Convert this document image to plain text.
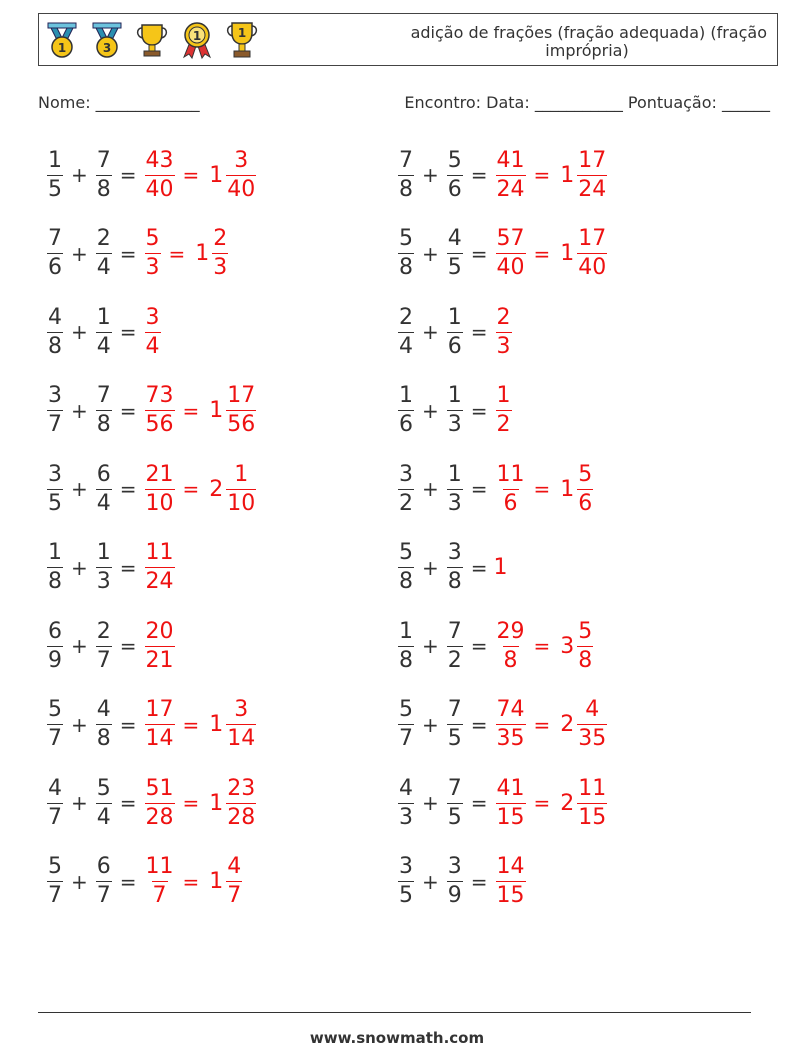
1	3
1	1	adição de frações (fração adequada) (fração
imprópria)
Nome: _____________	Encontro: Data: ___________ Pontuação: ______
$\frac{1}{5} + \frac{7}{8} = \frac{43}{40} = 1 \frac{3}{40}$
$\frac{7}{6} + \frac{2}{4} = \frac{5}{3} = 1 \frac{2}{3}$
$\frac{4}{8} + \frac{1}{4} = \frac{3}{4}$
$\frac{3}{7} + \frac{7}{8} = \frac{73}{56} = 1 \frac{17}{56}$
$\frac{3}{5} + \frac{6}{4} = \frac{21}{10} = 2 \frac{1}{10}$
$\frac{1}{8} + \frac{1}{3} = \frac{11}{24}$
$\frac{6}{9} + \frac{2}{7} = \frac{20}{21}$
$\frac{5}{7} + \frac{4}{8} = \frac{17}{14} = 1 \frac{3}{14}$
$\frac{4}{7} + \frac{5}{4} = \frac{51}{28} = 1 \frac{23}{28}$
$\frac{5}{7} + \frac{6}{7} = \frac{11}{7} = 1 \frac{4}{7}$
$\frac{7}{8} + \frac{5}{6} = \frac{41}{24} = 1 \frac{17}{24}$
$\frac{5}{8} + \frac{4}{5} = \frac{57}{40} = 1 \frac{17}{40}$
$\frac{2}{4} + \frac{1}{6} = \frac{2}{3}$
$\frac{1}{6} + \frac{1}{3} = \frac{1}{2}$
$\frac{3}{2} + \frac{1}{3} = \frac{11}{6} = 1 \frac{5}{6}$
$\frac{5}{8} + \frac{3}{8} = 1$
$\frac{1}{8} + \frac{7}{2} = \frac{29}{8} = 3 \frac{5}{8}$
$\frac{5}{7} + \frac{7}{5} = \frac{74}{35} = 2 \frac{4}{35}$
$\frac{4}{3} + \frac{7}{5} = \frac{41}{15} = 2 \frac{11}{15}$
$\frac{3}{5} + \frac{3}{9} = \frac{14}{15}$
www.snowmath.com
